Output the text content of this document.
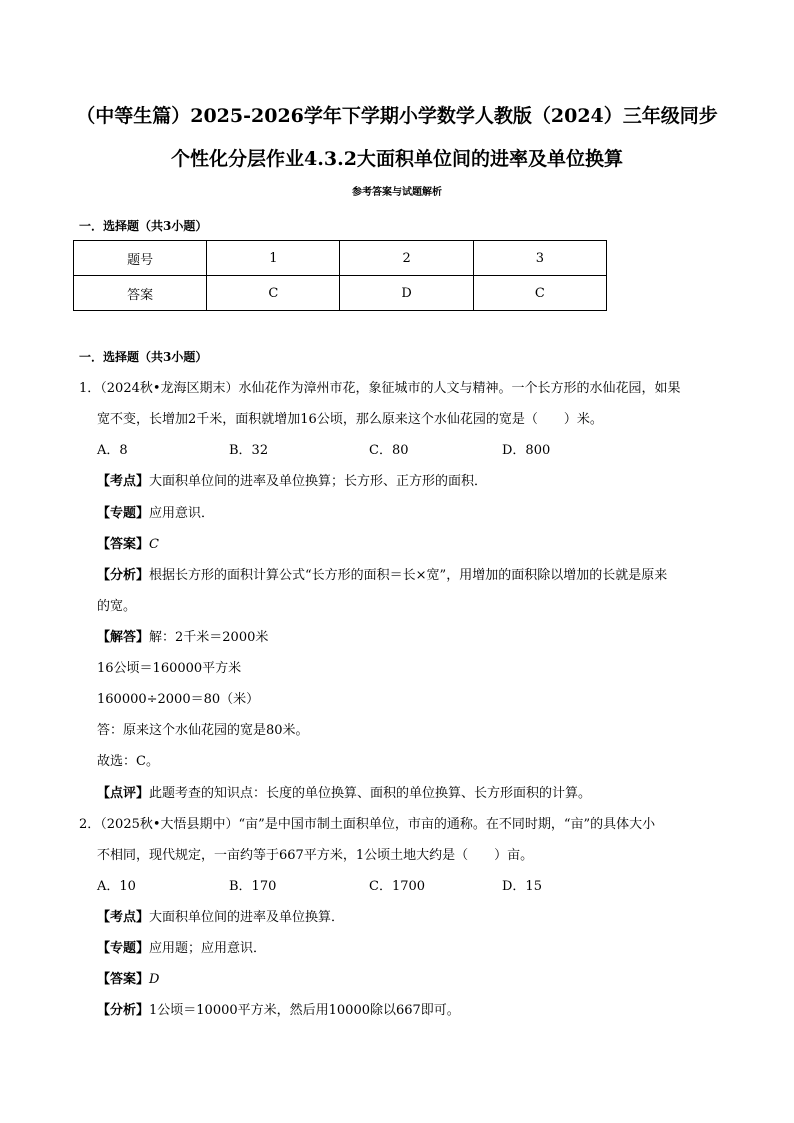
（中等生篇）2025-2026学年下学期小学数学人教版（2024）三年级同步
个性化分层作业4.3.2大面积单位间的进率及单位换算
参考答案与试题解析
一．选择题（共3小题）
题号	1	2	3
答案	C	D	C
一．选择题（共3小题）
1．（2024秋•龙海区期末）水仙花作为漳州市花，象征城市的人文与精神。一个长方形的水仙花园，如果
宽不变，长增加2千米，面积就增加16公顷，那么原来这个水仙花园的宽是（　　）米。
A．8	B．32	C．80	D．800
【考点】大面积单位间的进率及单位换算；长方形、正方形的面积．
【专题】应用意识．
【答案】C
【分析】根据长方形的面积计算公式“长方形的面积＝长×宽”，用增加的面积除以增加的长就是原来
的宽。
【解答】解：2千米＝2000米
16公顷＝160000平方米
160000÷2000＝80（米）
答：原来这个水仙花园的宽是80米。
故选：C。
【点评】此题考查的知识点：长度的单位换算、面积的单位换算、长方形面积的计算。
2．（2025秋•大悟县期中）“亩”是中国市制土面积单位，市亩的通称。在不同时期，“亩”的具体大小
不相同，现代规定，一亩约等于667平方米，1公顷土地大约是（　　）亩。
A．10	B．170	C．1700	D．15
【考点】大面积单位间的进率及单位换算．
【专题】应用题；应用意识．
【答案】D
【分析】1公顷＝10000平方米，然后用10000除以667即可。
